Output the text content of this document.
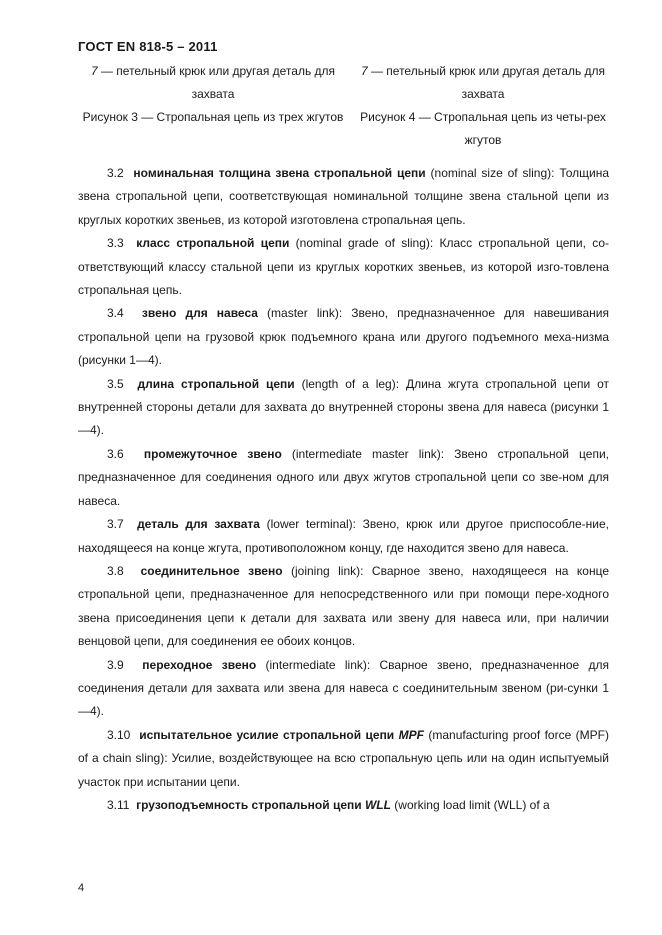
ГОСТ EN 818-5 – 2011
7 — петельный крюк или другая деталь для захвата
7 — петельный крюк или другая деталь для захвата
Рисунок 3 — Стропальная цепь из трех жгутов	Рисунок 4 — Стропальная цепь из четы-рех жгутов

3.2 номинальная толщина звена стропальной цепи (nominal size of sling): Толщина звена стропальной цепи, соответствующая номинальной толщине звена стальной цепи из круглых коротких звеньев, из которой изготовлена стропальная цепь.

3.3 класс стропальной цепи (nominal grade of sling): Класс стропальной цепи, со-ответствующий классу стальной цепи из круглых коротких звеньев, из которой изго-товлена стропальная цепь.

3.4 звено для навеса (master link): Звено, предназначенное для навешивания стропальной цепи на грузовой крюк подъемного крана или другого подъемного меха-низма (рисунки 1—4).

3.5 длина стропальной цепи (length of a leg): Длина жгута стропальной цепи от внутренней стороны детали для захвата до внутренней стороны звена для навеса (рисунки 1—4).

3.6 промежуточное звено (intermediate master link): Звено стропальной цепи, предназначенное для соединения одного или двух жгутов стропальной цепи со зве-ном для навеса.

3.7 деталь для захвата (lower terminal): Звено, крюк или другое приспособле-ние, находящееся на конце жгута, противоположном концу, где находится звено для навеса.

3.8 соединительное звено (joining link): Сварное звено, находящееся на конце стропальной цепи, предназначенное для непосредственного или при помощи пере-ходного звена присоединения цепи к детали для захвата или звену для навеса или, при наличии венцовой цепи, для соединения ее обоих концов.

3.9 переходное звено (intermediate link): Сварное звено, предназначенное для соединения детали для захвата или звена для навеса с соединительным звеном (ри-сунки 1—4).

3.10 испытательное усилие стропальной цепи MPF (manufacturing proof force (MPF) of a chain sling): Усилие, воздействующее на всю стропальную цепь или на один испытуемый участок при испытании цепи.

3.11 грузоподъемность стропальной цепи WLL (working load limit (WLL) of a

4
